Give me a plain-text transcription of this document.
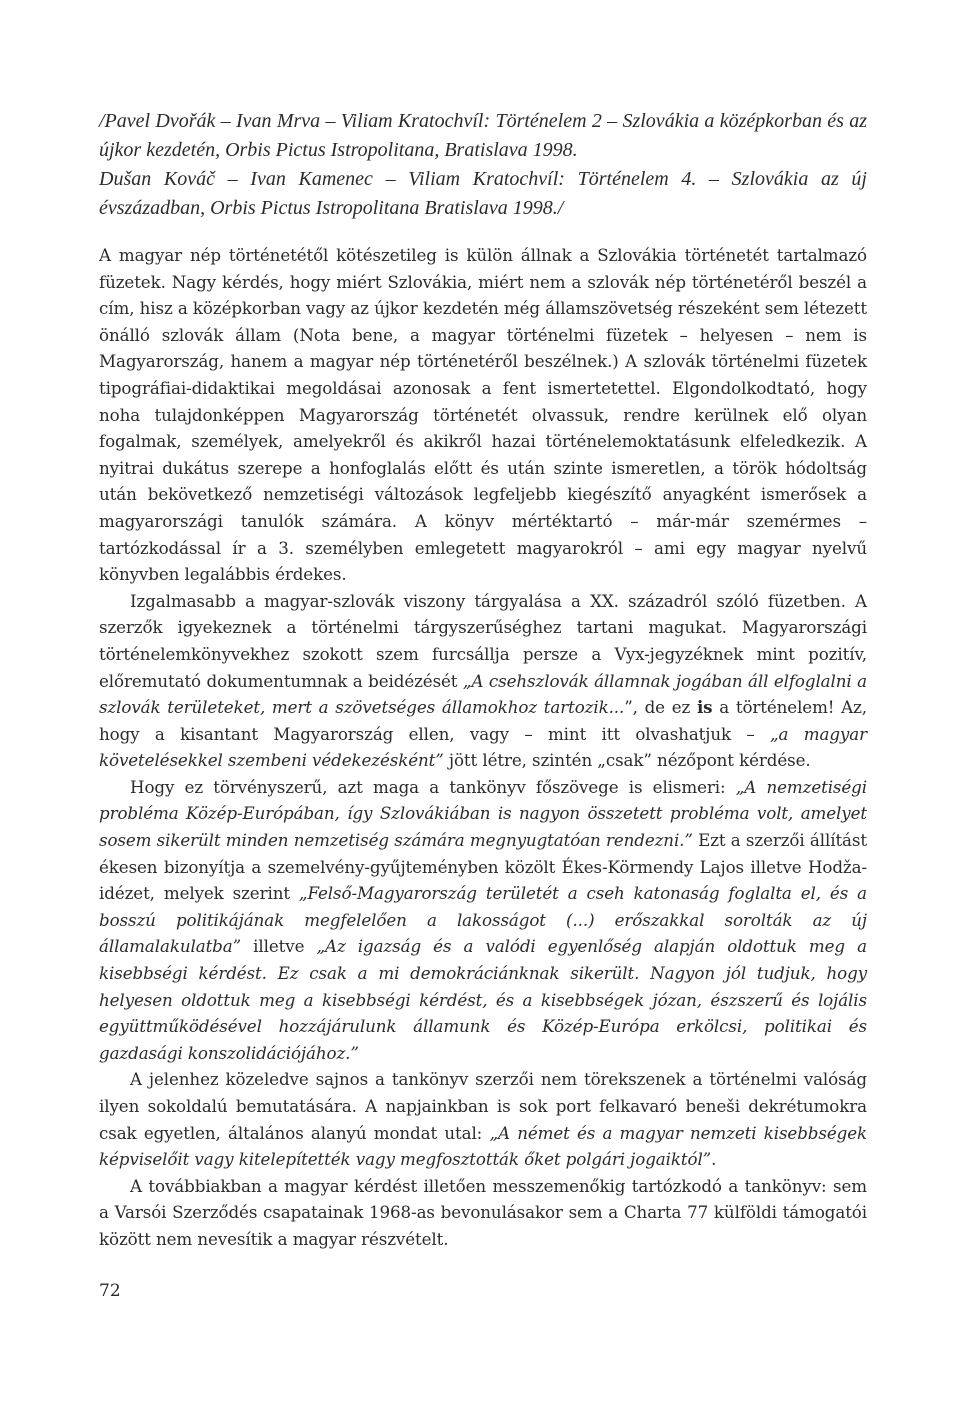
/Pavel Dvořák – Ivan Mrva – Viliam Kratochvíl: Történelem 2 – Szlovákia a középkorban és az újkor kezdetén, Orbis Pictus Istropolitana, Bratislava 1998.
Dušan Kováč – Ivan Kamenec – Viliam Kratochvíl: Történelem 4. – Szlovákia az új évszázadban, Orbis Pictus Istropolitana Bratislava 1998./

A magyar nép történetétől kötészetileg is külön állnak a Szlovákia történetét tartalmazó füzetek. Nagy kérdés, hogy miért Szlovákia, miért nem a szlovák nép történetéről beszél a cím, hisz a középkorban vagy az újkor kezdetén még államszövetség részeként sem létezett önálló szlovák állam (Nota bene, a magyar történelmi füzetek – helyesen – nem is Magyarország, hanem a magyar nép történetéről beszélnek.) A szlovák történelmi füzetek tipográfiai-didaktikai megoldásai azonosak a fent ismertetettel. Elgondolkodtató, hogy noha tulajdonképpen Magyarország történetét olvassuk, rendre kerülnek elő olyan fogalmak, személyek, amelyekről és akikről hazai történelemoktatásunk elfeledkezik. A nyitrai dukátus szerepe a honfoglalás előtt és után szinte ismeretlen, a török hódoltság után bekövetkező nemzetiségi változások legfeljebb kiegészítő anyagként ismerősek a magyarországi tanulók számára. A könyv mértéktartó – már-már szemérmes – tartózkodással ír a 3. személyben emlegetett magyarokról – ami egy magyar nyelvű könyvben legalábbis érdekes.

Izgalmasabb a magyar-szlovák viszony tárgyalása a XX. századról szóló füzetben. A szerzők igyekeznek a történelmi tárgyszerűséghez tartani magukat. Magyarországi történelemkönyvekhez szokott szem furcsállja persze a Vyx-jegyzéknek mint pozitív, előremutató dokumentumnak a beidézését „A csehszlovák államnak jogában áll elfoglalni a szlovák területeket, mert a szövetséges államokhoz tartozik...”, de ez is a történelem! Az, hogy a kisantant Magyarország ellen, vagy – mint itt olvashatjuk – „a magyar követelésekkel szembeni védekezésként” jött létre, szintén „csak” nézőpont kérdése.

Hogy ez törvényszerű, azt maga a tankönyv főszövege is elismeri: „A nemzetiségi probléma Közép-Európában, így Szlovákiában is nagyon összetett probléma volt, amelyet sosem sikerült minden nemzetiség számára megnyugtatóan rendezni.” Ezt a szerzői állítást ékesen bizonyítja a szemelvény-gyűjteményben közölt Ékes-Körmendy Lajos illetve Hodža-idézet, melyek szerint „Felső-Magyarország területét a cseh katonaság foglalta el, és a bosszú politikájának megfelelően a lakosságot (...) erőszakkal sorolták az új államalakulatba” illetve „Az igazság és a valódi egyenlőség alapján oldottuk meg a kisebbségi kérdést. Ez csak a mi demokráciánknak sikerült. Nagyon jól tudjuk, hogy helyesen oldottuk meg a kisebbségi kérdést, és a kisebbségek józan, észszerű és lojális együttműködésével hozzájárulunk államunk és Közép-Európa erkölcsi, politikai és gazdasági konszolidációjához.”

A jelenhez közeledve sajnos a tankönyv szerzői nem törekszenek a történelmi valóság ilyen sokoldalú bemutatására. A napjainkban is sok port felkavaró beneši dekrétumokra csak egyetlen, általános alanyú mondat utal: „A német és a magyar nemzeti kisebbségek képviselőit vagy kitelepítették vagy megfosztották őket polgári jogaiktól”.

A továbbiakban a magyar kérdést illetően messzemenőkig tartózkodó a tankönyv: sem a Varsói Szerződés csapatainak 1968-as bevonulásakor sem a Charta 77 külföldi támogatói között nem nevesítik a magyar részvételt.

72
